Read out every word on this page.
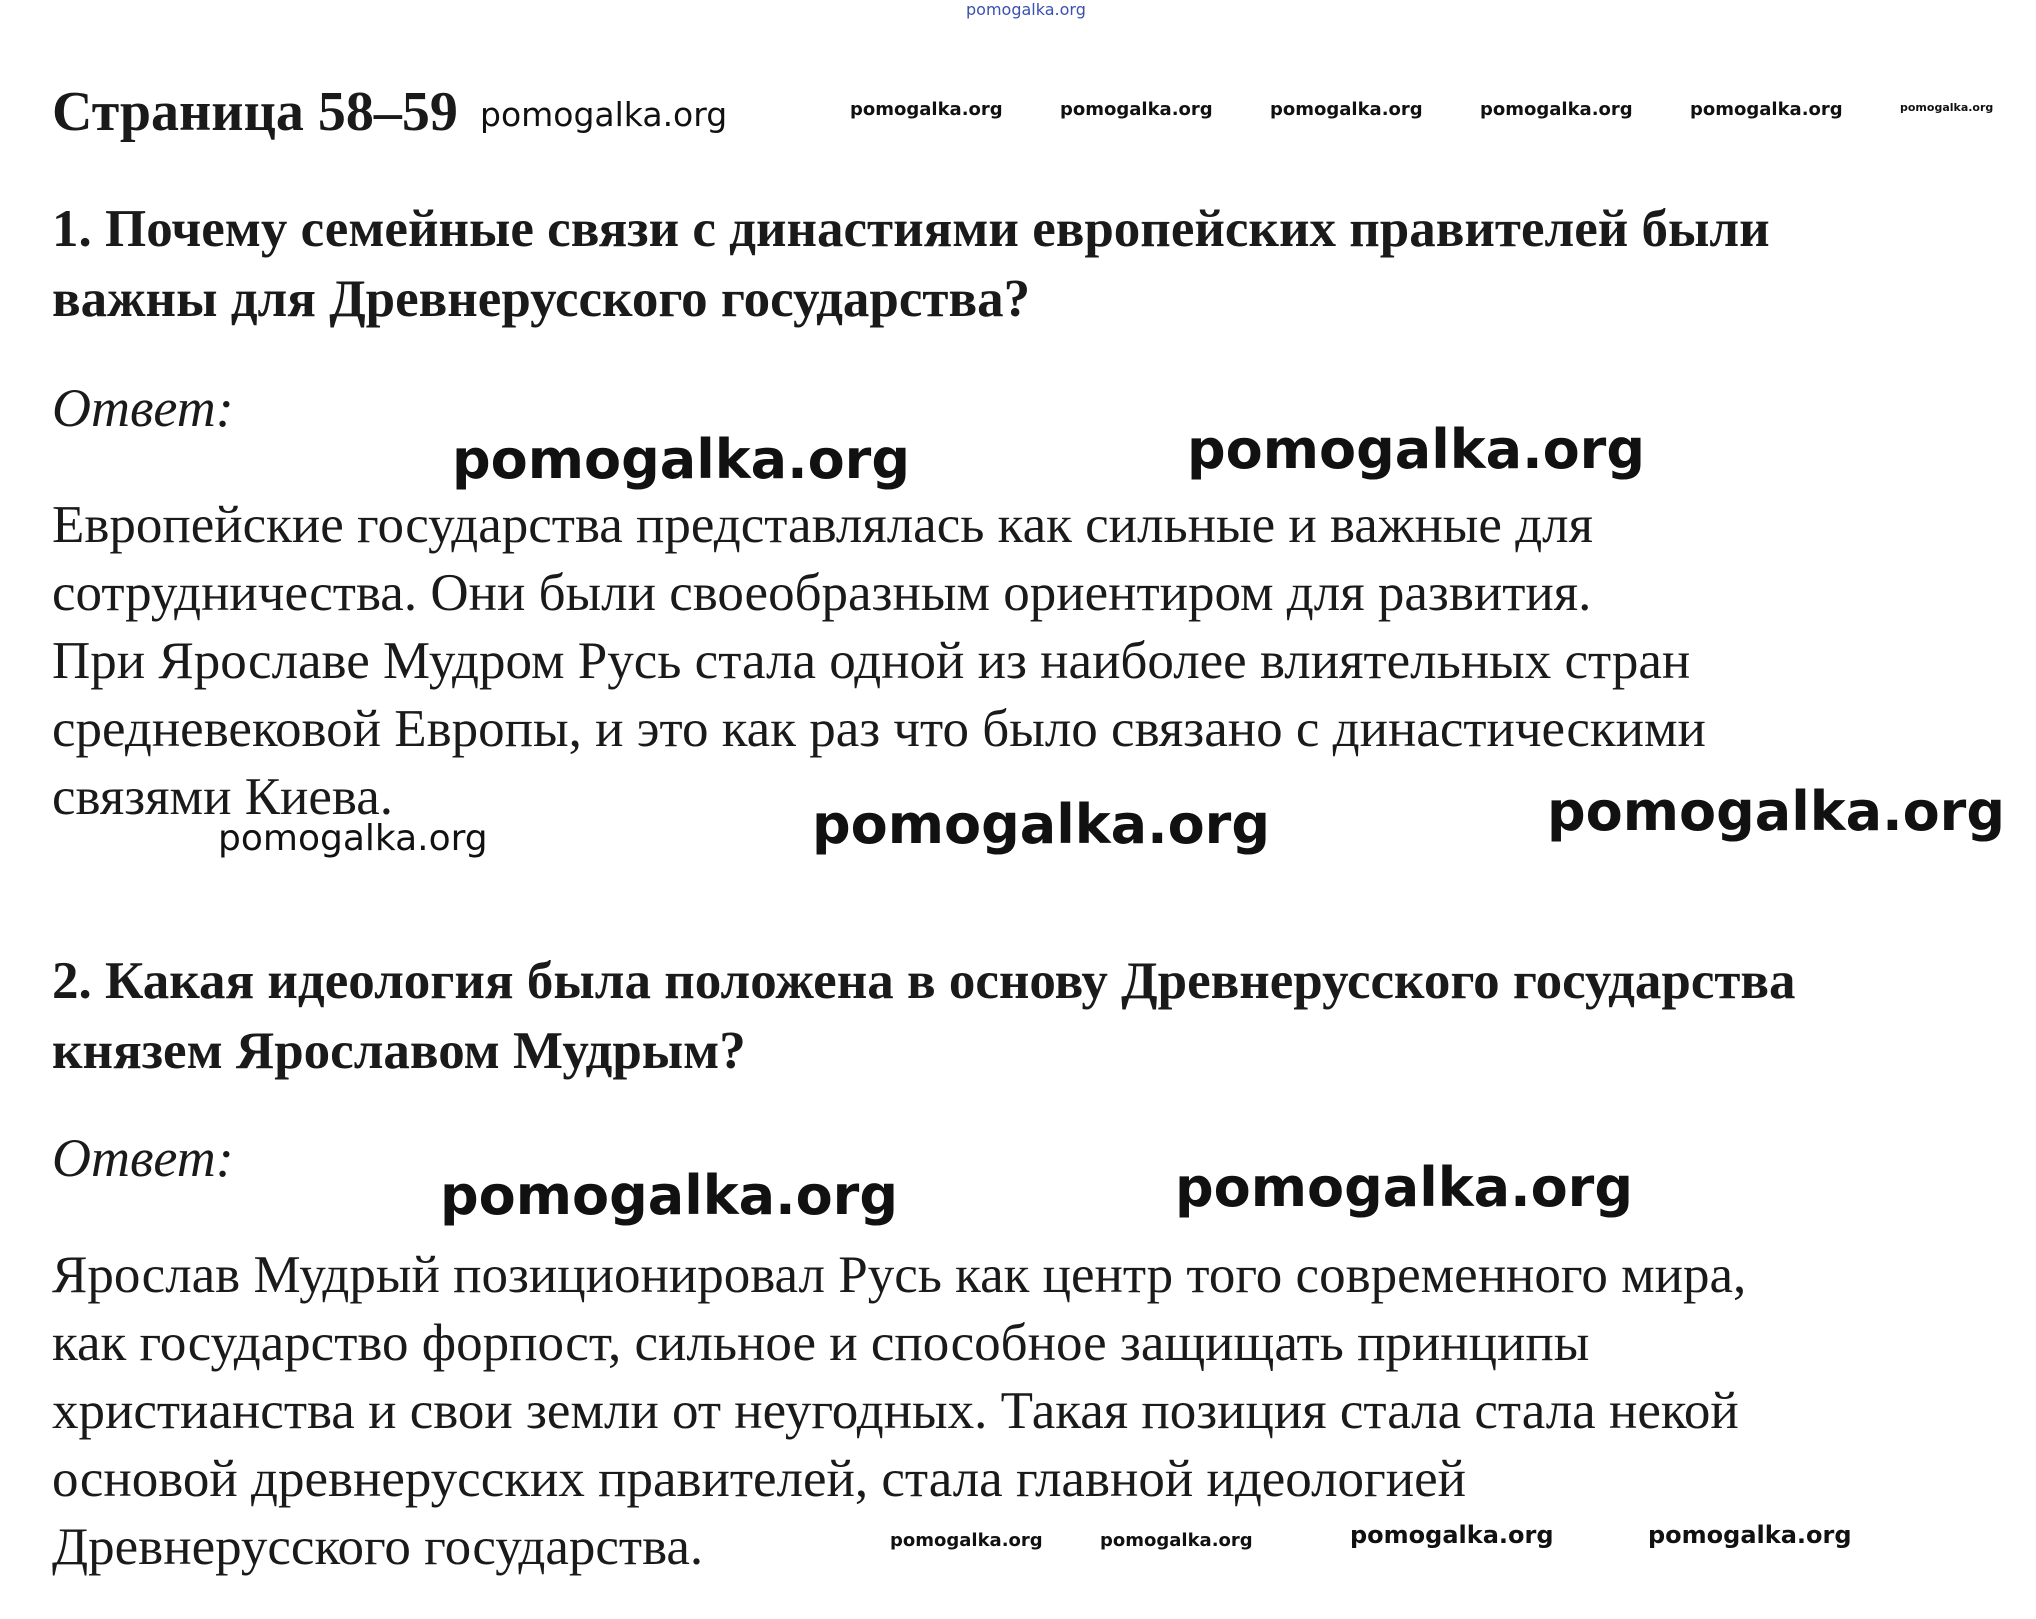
pomogalka.org
Страница 58–59 pomogalka.org	pomogalka.org	pomogalka.org	pomogalka.org	pomogalka.org	pomogalka.org	pomogalka.org
1. Почему семейные связи с династиями европейских правителей были
важны для Древнерусского государства?
Ответ:
pomogalka.org	pomogalka.org
Европейские государства представлялась как сильные и важные для
сотрудничества. Они были своеобразным ориентиром для развития.
При Ярославе Мудром Русь стала одной из наиболее влиятельных стран
средневековой Европы, и это как раз что было связано с династическими
связями Киева.
pomogalka.org	pomogalka.org	pomogalka.org
2. Какая идеология была положена в основу Древнерусского государства
князем Ярославом Мудрым?
Ответ:
pomogalka.org	pomogalka.org
Ярослав Мудрый позиционировал Русь как центр того современного мира,
как государство форпост, сильное и способное защищать принципы
христианства и свои земли от неугодных. Такая позиция стала стала некой
основой древнерусских правителей, стала главной идеологией
Древнерусского государства.	pomogalka.org	pomogalka.org	pomogalka.org	pomogalka.org
